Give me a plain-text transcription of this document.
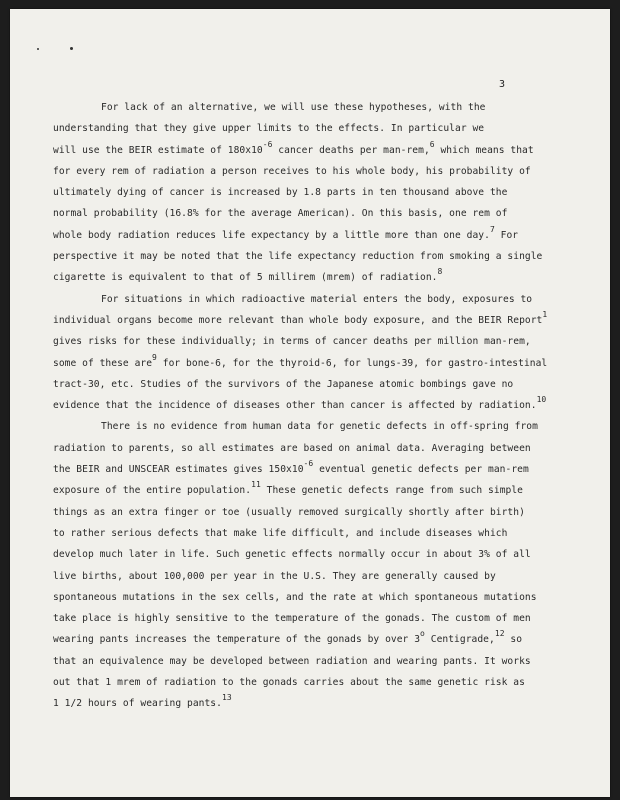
3
For lack of an alternative, we will use these hypotheses, with the
understanding that they give upper limits to the effects. In particular we
will use the BEIR estimate of $180x10^{-6}$ cancer deaths per man-rem,$^6$ which means that
for every rem of radiation a person receives to his whole body, his probability of
ultimately dying of cancer is increased by 1.8 parts in ten thousand above the
normal probability (16.8% for the average American). On this basis, one rem of
whole body radiation reduces life expectancy by a little more than one day.$^7$ For
perspective it may be noted that the life expectancy reduction from smoking a single
cigarette is equivalent to that of 5 millirem (mrem) of radiation.$^8$
For situations in which radioactive material enters the body, exposures to
individual organs become more relevant than whole body exposure, and the BEIR Report$^1$
gives risks for these individually; in terms of cancer deaths per million man-rem,
some of these are$^9$ for bone-6, for the thyroid-6, for lungs-39, for gastro-intestinal
tract-30, etc. Studies of the survivors of the Japanese atomic bombings gave no
evidence that the incidence of diseases other than cancer is affected by radiation.$^{10}$
There is no evidence from human data for genetic defects in off-spring from
radiation to parents, so all estimates are based on animal data. Averaging between
the BEIR and UNSCEAR estimates gives $150x10^{-6}$ eventual genetic defects per man-rem
exposure of the entire population.$^{11}$ These genetic defects range from such simple
things as an extra finger or toe (usually removed surgically shortly after birth)
to rather serious defects that make life difficult, and include diseases which
develop much later in life. Such genetic effects normally occur in about 3% of all
live births, about 100,000 per year in the U.S. They are generally caused by
spontaneous mutations in the sex cells, and the rate at which spontaneous mutations
take place is highly sensitive to the temperature of the gonads. The custom of men
wearing pants increases the temperature of the gonads by over 3$^o$ Centigrade,$^{12}$ so
that an equivalence may be developed between radiation and wearing pants. It works
out that 1 mrem of radiation to the gonads carries about the same genetic risk as
1 1/2 hours of wearing pants.$^{13}$
